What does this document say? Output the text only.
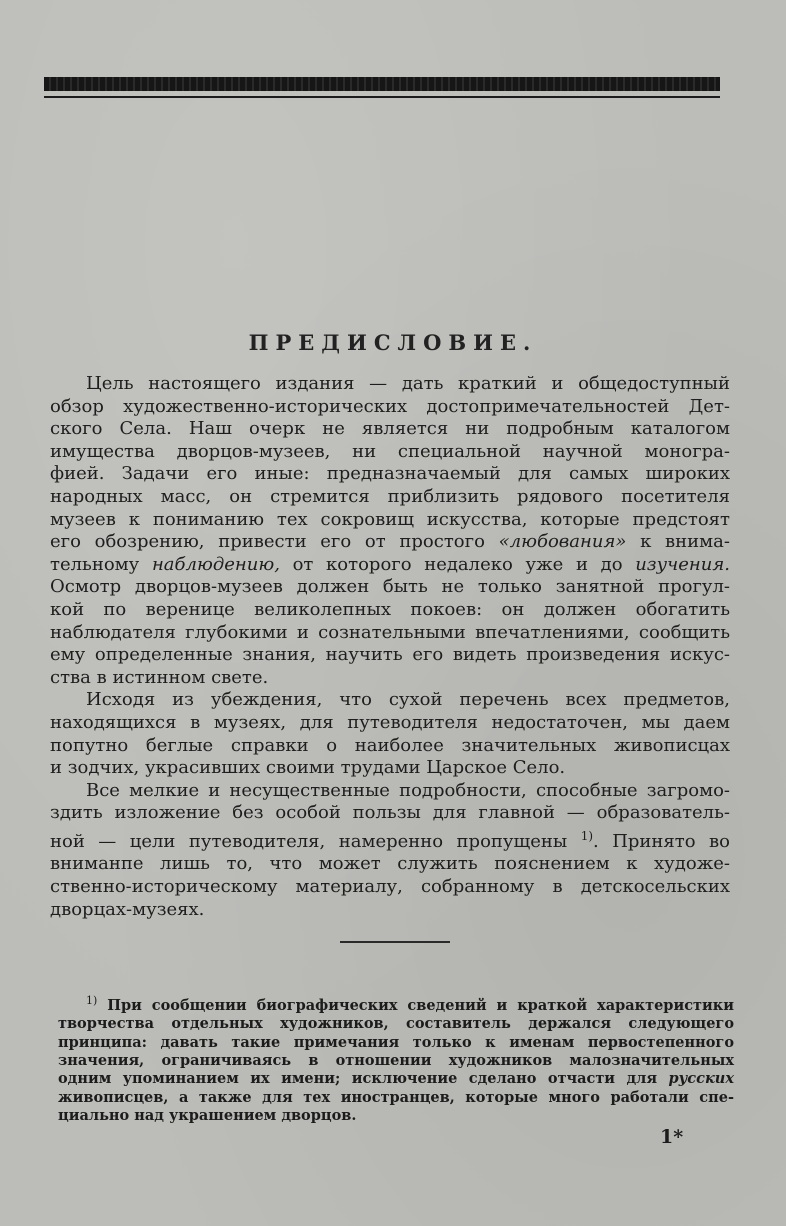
ПРЕДИСЛОВИЕ.
Цель настоящего издания — дать краткий и общедоступный
обзор художественно-исторических достопримечательностей Дет-
ского Села. Наш очерк не является ни подробным каталогом
имущества дворцов-музеев, ни специальной научной моногра-
фией. Задачи его иные: предназначаемый для самых широких
народных масс, он стремится приблизить рядового посетителя
музеев к пониманию тех сокровищ искусства, которые предстоят
его обозрению, привести его от простого «любования» к внима-
тельному наблюдению, от которого недалеко уже и до изучения.
Осмотр дворцов-музеев должен быть не только занятной прогул-
кой по веренице великолепных покоев: он должен обогатить
наблюдателя глубокими и сознательными впечатлениями, сообщить
ему определенные знания, научить его видеть произведения искус-
ства в истинном свете.
Исходя из убеждения, что сухой перечень всех предметов,
находящихся в музеях, для путеводителя недостаточен, мы даем
попутно беглые справки о наиболее значительных живописцах
и зодчих, украсивших своими трудами Царское Село.
Все мелкие и несущественные подробности, способные загромо-
здить изложение без особой пользы для главной — образователь-
ной — цели путеводителя, намеренно пропущены $^{1)}$. Принято во
вниманпе лишь то, что может служить пояснением к художе-
ственно-историческому материалу, собранному в детскосельских
дворцах-музеях.
$^{1)}$ При сообщении биографических сведений и краткой характеристики
творчества отдельных художников, составитель держался следующего
принципа: давать такие примечания только к именам первостепенного
значения, ограничиваясь в отношении художников малозначительных
одним упоминанием их имени; исключение сделано отчасти для русских
живописцев, а также для тех иностранцев, которые много работали спе-
циально над украшением дворцов.
1*
